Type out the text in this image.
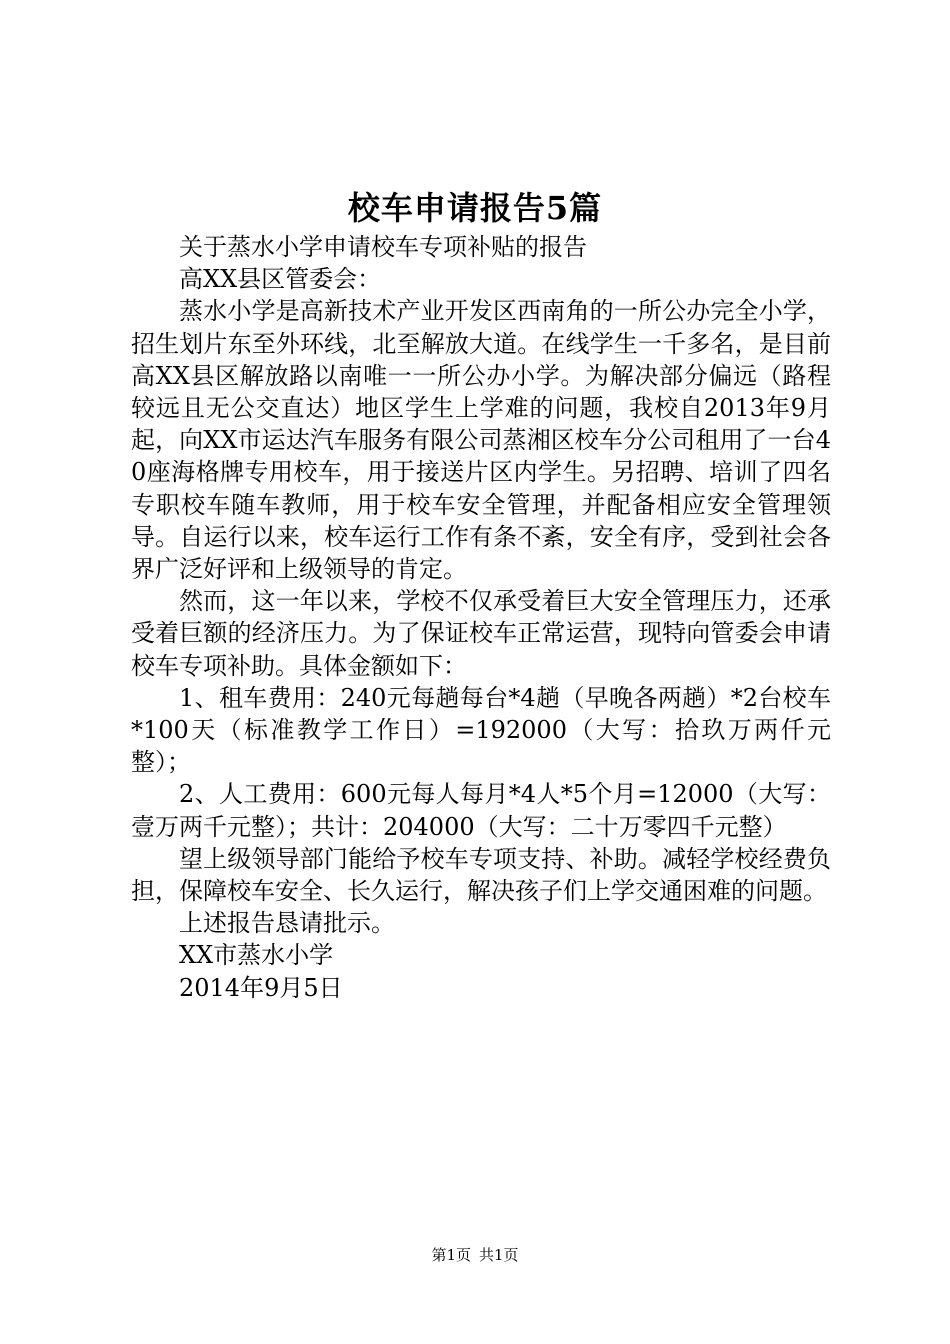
校车申请报告5篇

关于蒸水小学申请校车专项补贴的报告

高XX县区管委会：

蒸水小学是高新技术产业开发区西南角的一所公办完全小学，招生划片东至外环线，北至解放大道。在线学生一千多名，是目前高XX县区解放路以南唯一一所公办小学。为解决部分偏远（路程较远且无公交直达）地区学生上学难的问题，我校自2013年9月起，向XX市运达汽车服务有限公司蒸湘区校车分公司租用了一台40座海格牌专用校车，用于接送片区内学生。另招聘、培训了四名专职校车随车教师，用于校车安全管理，并配备相应安全管理领导。自运行以来，校车运行工作有条不紊，安全有序，受到社会各界广泛好评和上级领导的肯定。

然而，这一年以来，学校不仅承受着巨大安全管理压力，还承受着巨额的经济压力。为了保证校车正常运营，现特向管委会申请校车专项补助。具体金额如下：

1、租车费用：240元每趟每台*4趟（早晚各两趟）*2台校车*100天（标准教学工作日）=192000（大写：拾玖万两仟元整）；

2、人工费用：600元每人每月*4人*5个月=12000（大写：壹万两千元整）；共计：204000（大写：二十万零四千元整）

望上级领导部门能给予校车专项支持、补助。减轻学校经费负担，保障校车安全、长久运行，解决孩子们上学交通困难的问题。

上述报告恳请批示。

XX市蒸水小学

2014年9月5日

第1页 共1页
